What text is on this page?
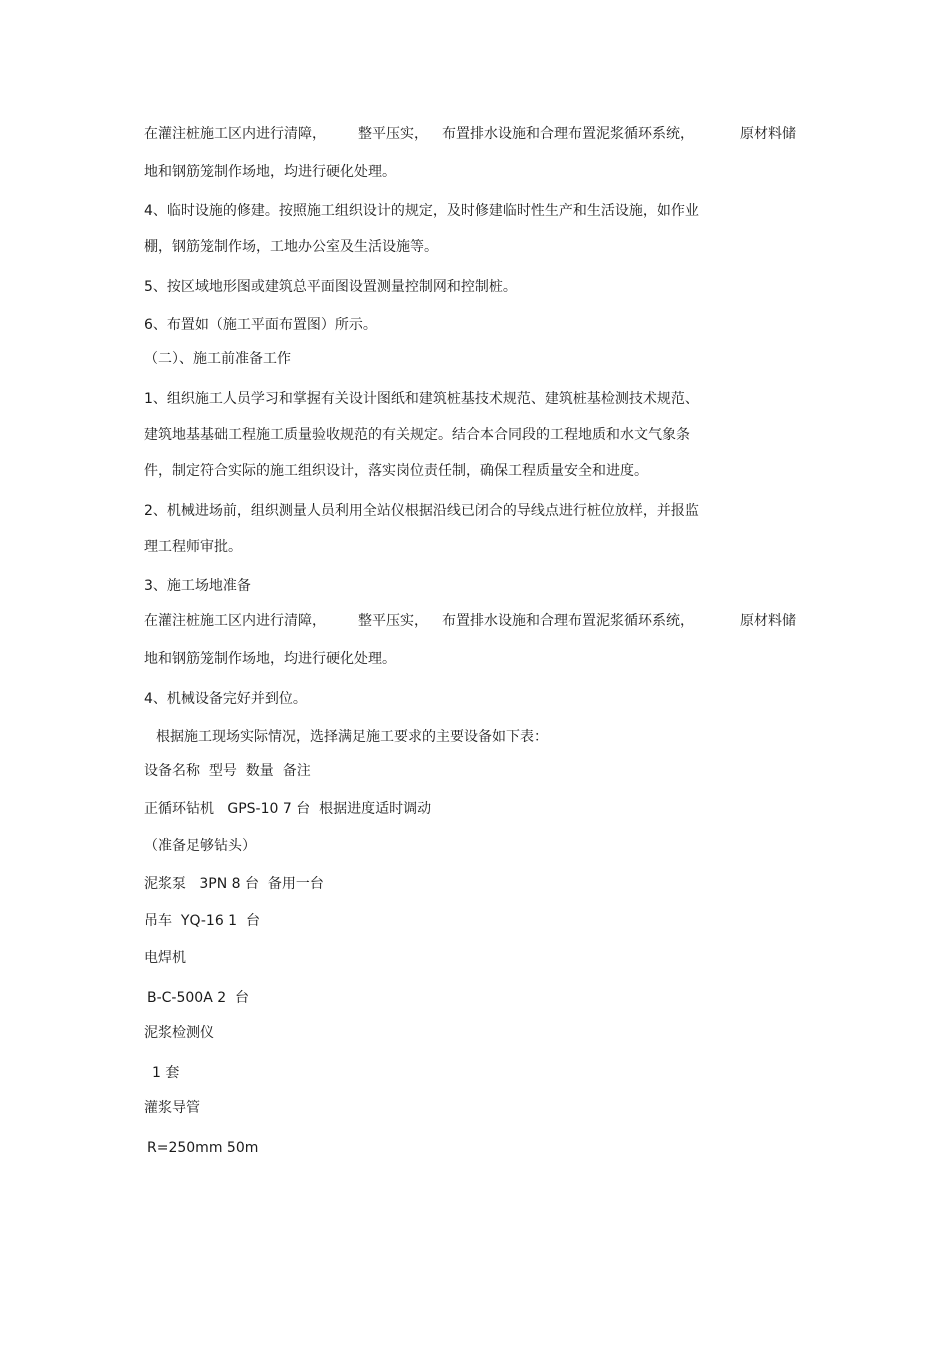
在灌注桩施工区内进行清障， 整平压实， 布置排水设施和合理布置泥浆循环系统，	原材料储

地和钢筋笼制作场地，均进行硬化处理。

4、临时设施的修建。按照施工组织设计的规定，及时修建临时性生产和生活设施，如作业

棚，钢筋笼制作场，工地办公室及生活设施等。

5、按区域地形图或建筑总平面图设置测量控制网和控制桩。

6、布置如（施工平面布置图）所示。

（二）、施工前准备工作

1、组织施工人员学习和掌握有关设计图纸和建筑桩基技术规范、建筑桩基检测技术规范、

建筑地基基础工程施工质量验收规范的有关规定。结合本合同段的工程地质和水文气象条

件，制定符合实际的施工组织设计，落实岗位责任制，确保工程质量安全和进度。

2、机械进场前，组织测量人员利用全站仪根据沿线已闭合的导线点进行桩位放样，并报监

理工程师审批。

3、施工场地准备

在灌注桩施工区内进行清障， 整平压实， 布置排水设施和合理布置泥浆循环系统，	原材料储

地和钢筋笼制作场地，均进行硬化处理。

4、机械设备完好并到位。

根据施工现场实际情况，选择满足施工要求的主要设备如下表：

设备名称  型号  数量  备注

正循环钻机   GPS-10 7 台  根据进度适时调动

（准备足够钻头）

泥浆泵   3PN 8 台  备用一台

吊车  YQ-16 1  台

电焊机

B-C-500A 2  台

泥浆检测仪

1 套

灌浆导管

R=250mm 50m
